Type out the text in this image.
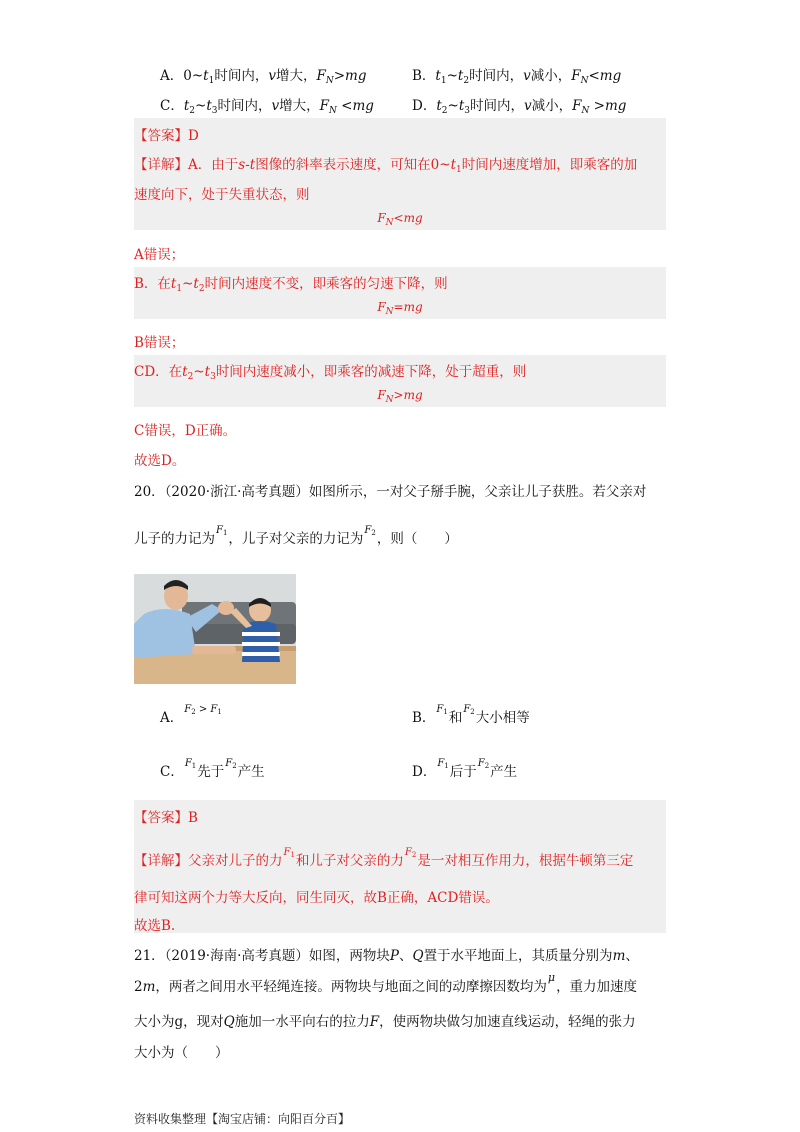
A．$0\sim t_1$时间内，v增大，$F_N>mg$	B．$t_1\sim t_2$时间内，v减小，$F_N<mg$
C．$t_2\sim t_3$时间内，v增大，$F_N <mg$	D．$t_2\sim t_3$时间内，v减小，$F_N >mg$
【答案】D
【详解】A．由于s-t图像的斜率表示速度，可知在$0\sim t_1$时间内速度增加，即乘客的加
速度向下，处于失重状态，则
$F_N<mg$
A错误；
B．在$t_1\sim t_2$时间内速度不变，即乘客的匀速下降，则
$F_N=mg$
B错误；
CD．在$t_2\sim t_3$时间内速度减小，即乘客的减速下降，处于超重，则
$F_N>mg$
C错误，D正确。
故选D。
20．（2020·浙江·高考真题）如图所示，一对父子掰手腕，父亲让儿子获胜。若父亲对
儿子的力记为$F_1$，儿子对父亲的力记为$F_2$，则（　　）
A．$F_2 > F_1$	B．$F_1$和$F_2$大小相等
C．$F_1$先于$F_2$产生	D．$F_1$后于$F_2$产生
【答案】B
【详解】父亲对儿子的力$F_1$和儿子对父亲的力$F_2$是一对相互作用力，根据牛顿第三定
律可知这两个力等大反向，同生同灭，故B正确，ACD错误。
故选B.
21．（2019·海南·高考真题）如图，两物块P、Q置于水平地面上，其质量分别为m、
2m，两者之间用水平轻绳连接。两物块与地面之间的动摩擦因数均为μ，重力加速度
大小为g，现对Q施加一水平向右的拉力F，使两物块做匀加速直线运动，轻绳的张力
大小为（　　）
资料收集整理【淘宝店铺：向阳百分百】
